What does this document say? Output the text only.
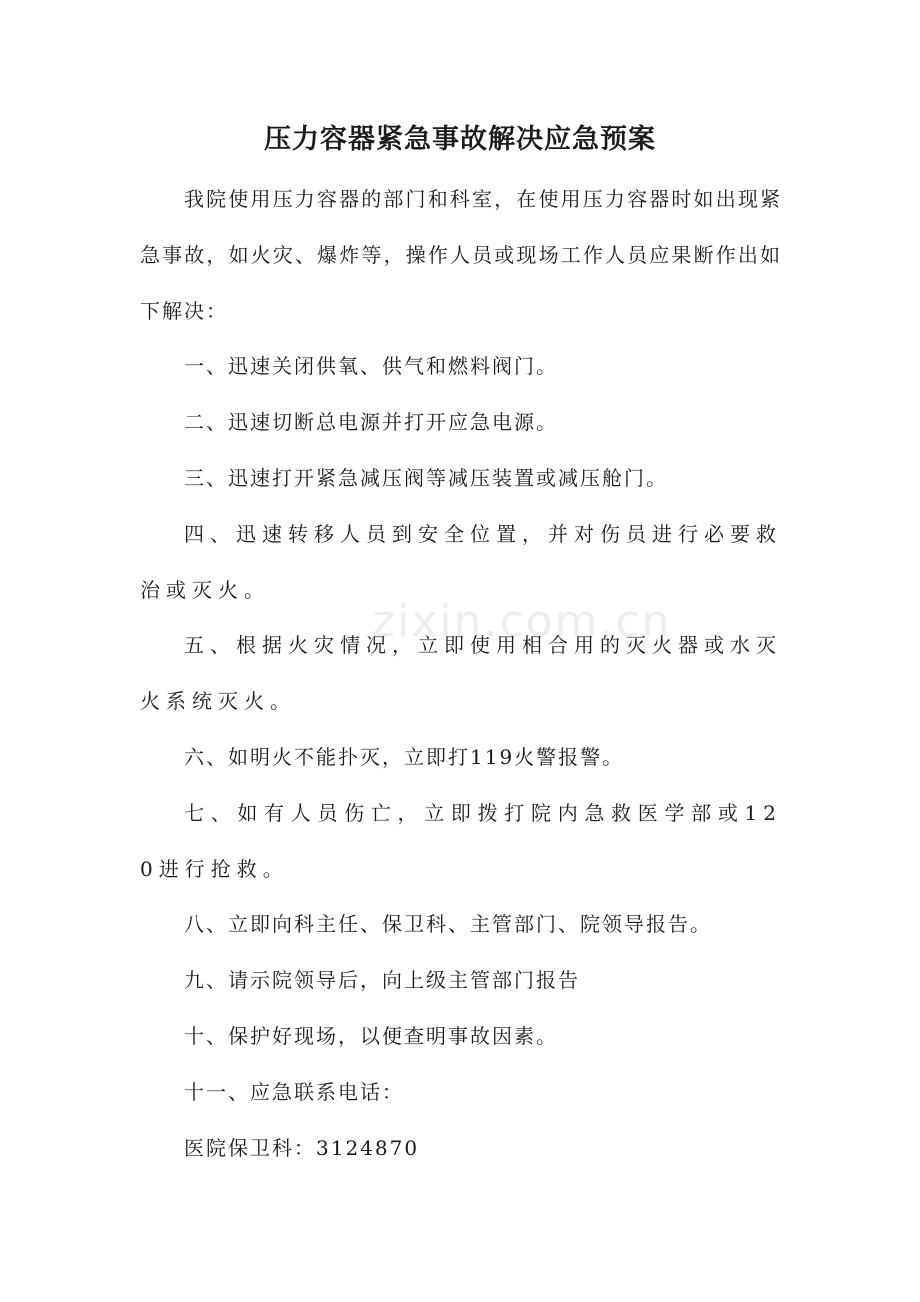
zixin.com.cn
压力容器紧急事故解决应急预案

我院使用压力容器的部门和科室，在使用压力容器时如出现紧急事故，如火灾、爆炸等，操作人员或现场工作人员应果断作出如下解决：

一、迅速关闭供氧、供气和燃料阀门。

二、迅速切断总电源并打开应急电源。

三、迅速打开紧急减压阀等减压装置或减压舱门。

四、迅速转移人员到安全位置，并对伤员进行必要救治或灭火。

五、根据火灾情况，立即使用相合用的灭火器或水灭火系统灭火。

六、如明火不能扑灭，立即打119火警报警。

七、如有人员伤亡，立即拨打院内急救医学部或120进行抢救。

八、立即向科主任、保卫科、主管部门、院领导报告。

九、请示院领导后，向上级主管部门报告

十、保护好现场，以便查明事故因素。

十一、应急联系电话：

医院保卫科：3124870
